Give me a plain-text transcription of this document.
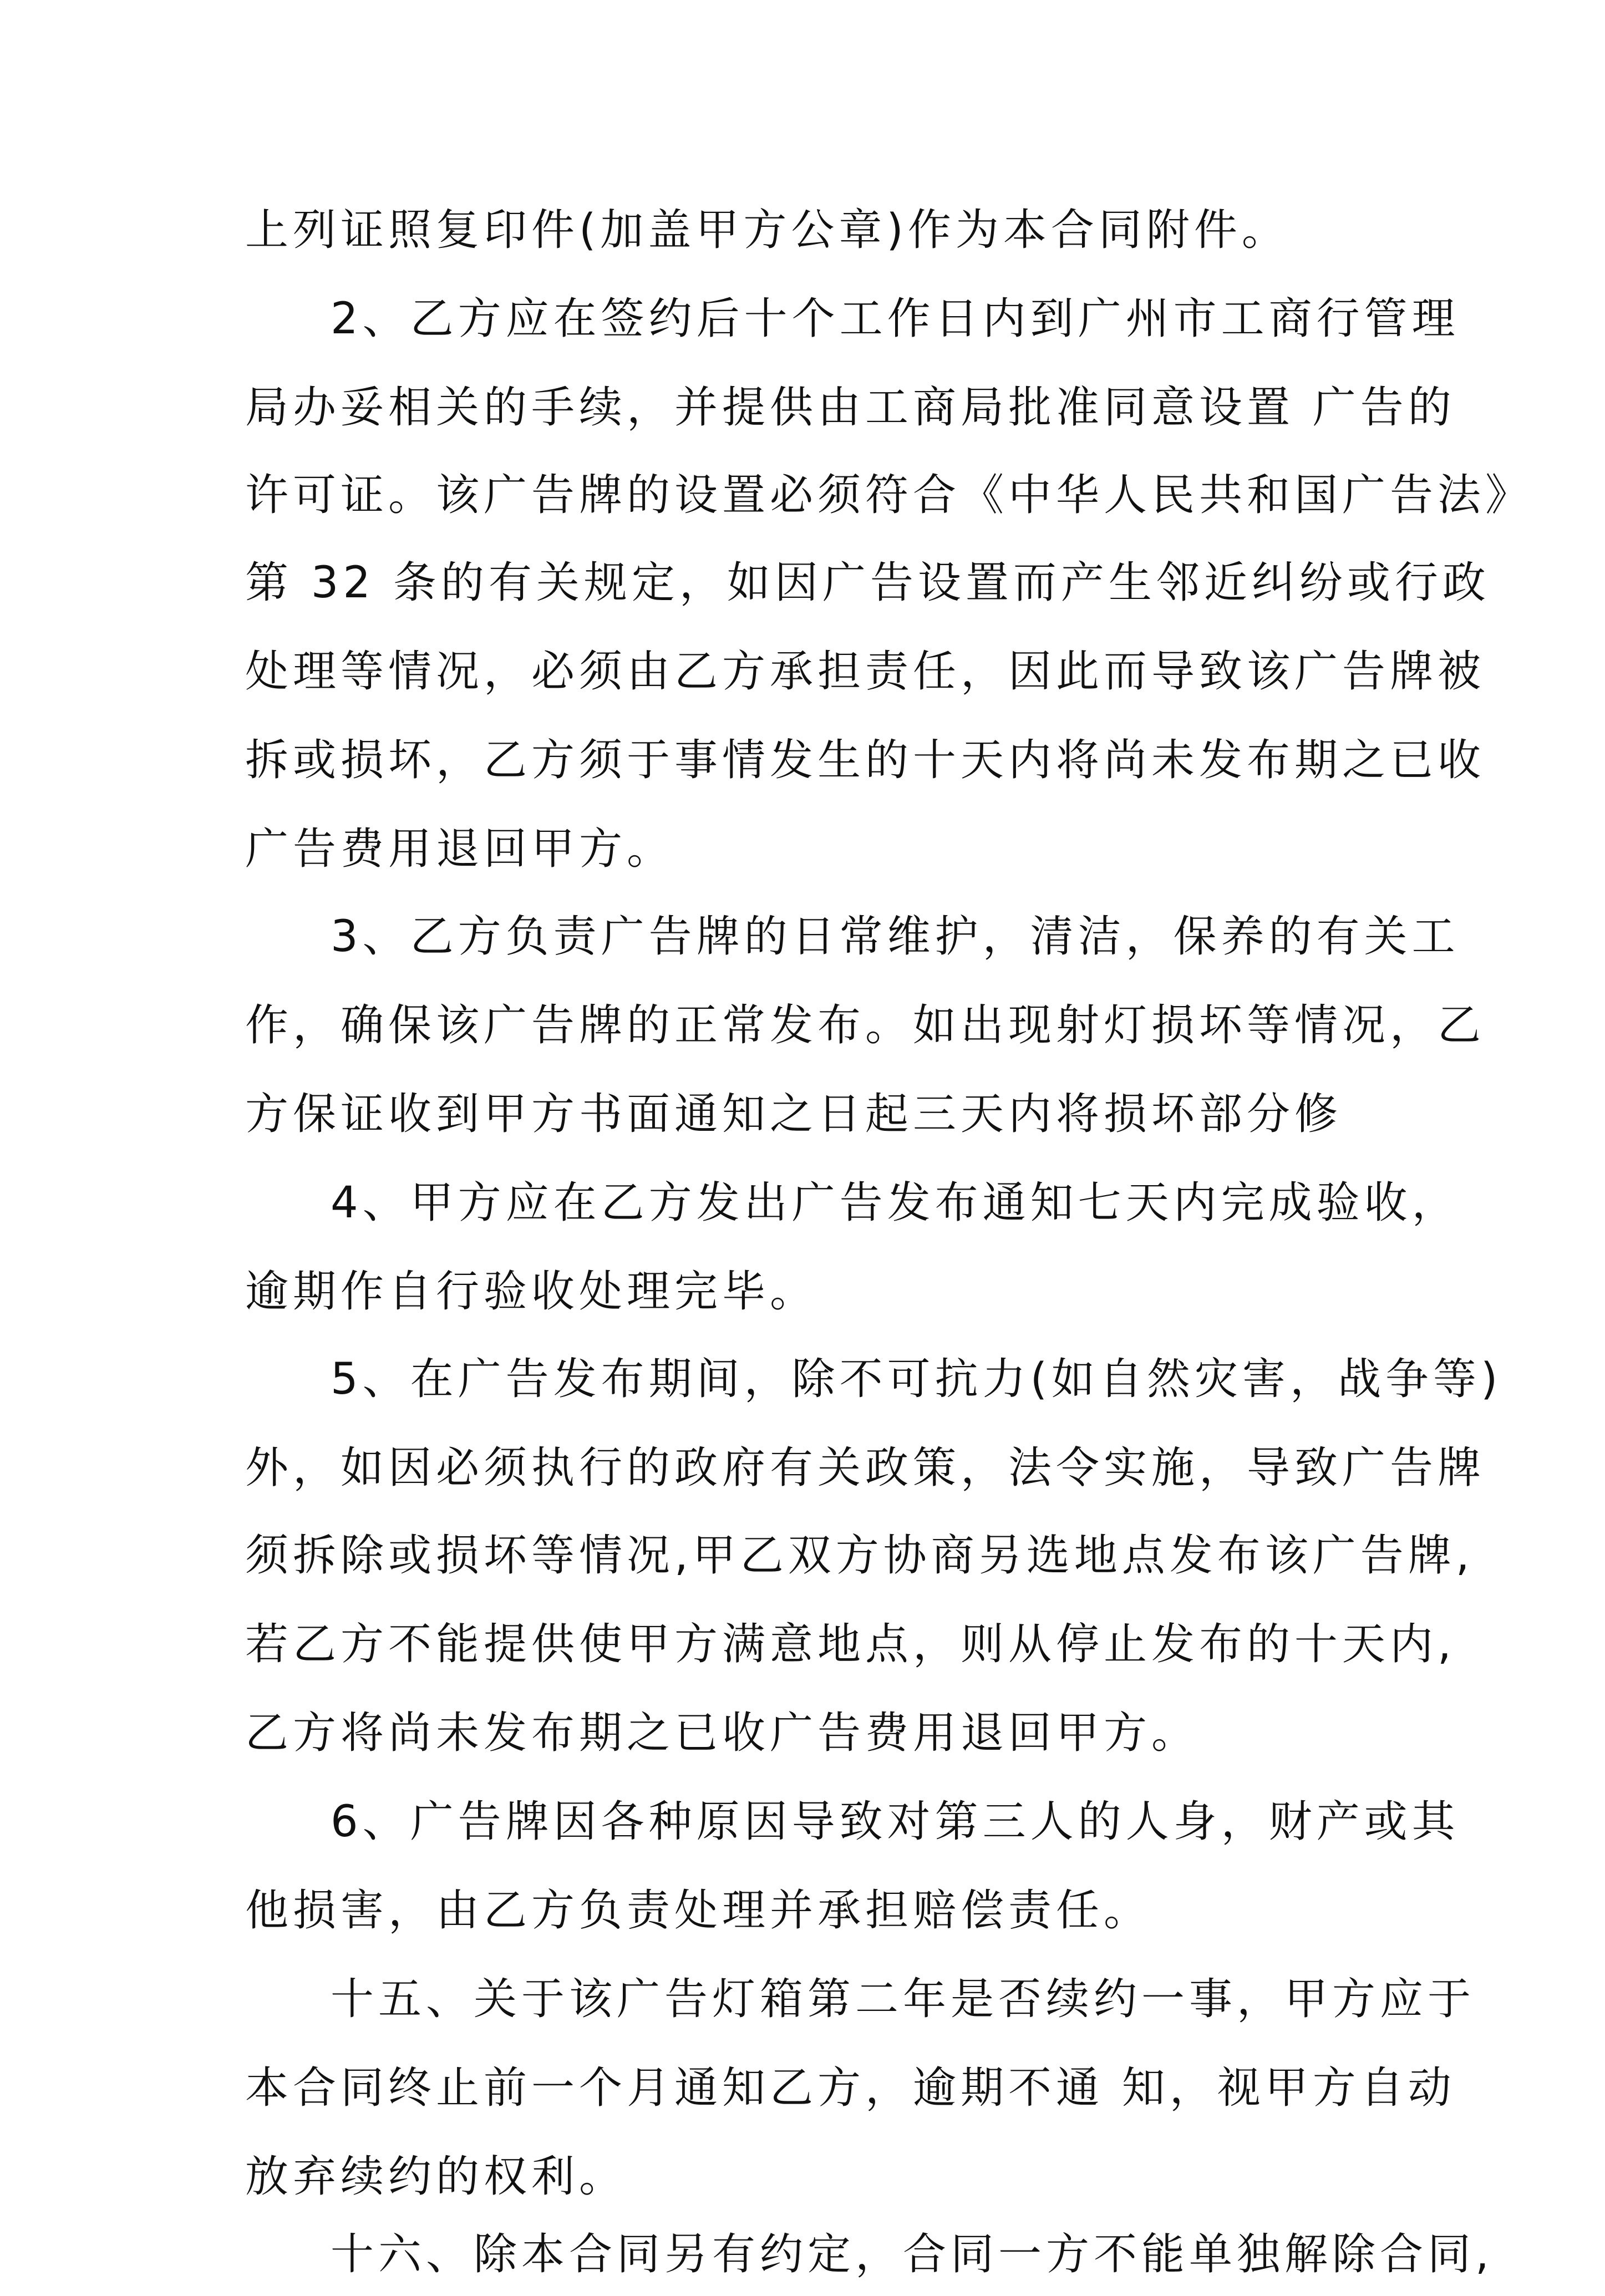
上列证照复印件(加盖甲方公章)作为本合同附件。
2、乙方应在签约后十个工作日内到广州市工商行管理
局办妥相关的手续，并提供由工商局批准同意设置 广告的
许可证。该广告牌的设置必须符合《中华人民共和国广告法》
第 32 条的有关规定，如因广告设置而产生邻近纠纷或行政
处理等情况，必须由乙方承担责任，因此而导致该广告牌被
拆或损坏，乙方须于事情发生的十天内将尚未发布期之已收
广告费用退回甲方。
3、乙方负责广告牌的日常维护，清洁，保养的有关工
作，确保该广告牌的正常发布。如出现射灯损坏等情况，乙
方保证收到甲方书面通知之日起三天内将损坏部分修
4、甲方应在乙方发出广告发布通知七天内完成验收，
逾期作自行验收处理完毕。
5、在广告发布期间，除不可抗力(如自然灾害，战争等)
外，如因必须执行的政府有关政策，法令实施，导致广告牌
须拆除或损坏等情况,甲乙双方协商另选地点发布该广告牌,
若乙方不能提供使甲方满意地点，则从停止发布的十天内,
乙方将尚未发布期之已收广告费用退回甲方。
6、广告牌因各种原因导致对第三人的人身，财产或其
他损害，由乙方负责处理并承担赔偿责任。
十五、关于该广告灯箱第二年是否续约一事，甲方应于
本合同终止前一个月通知乙方，逾期不通 知，视甲方自动
放弃续约的权利。
十六、除本合同另有约定，合同一方不能单独解除合同,
